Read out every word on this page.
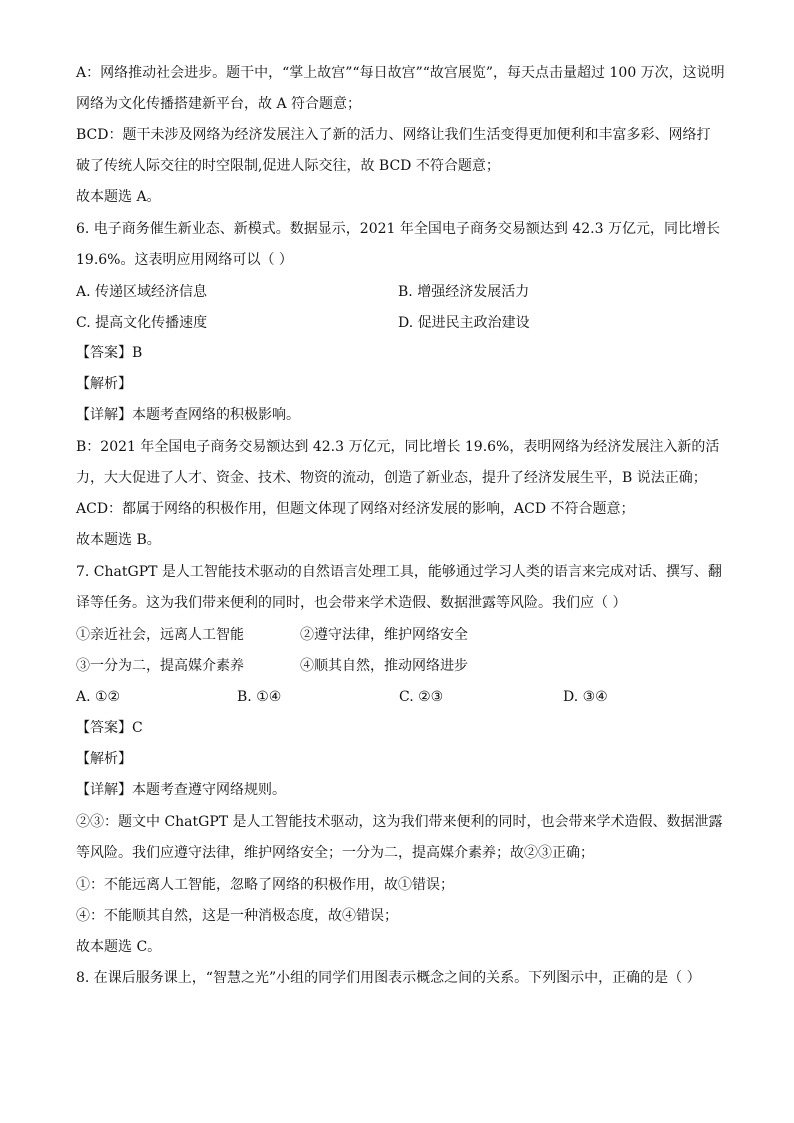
A：网络推动社会进步。题干中，“掌上故宫”“每日故宫”“故宫展览”，每天点击量超过 100 万次，这说明
网络为文化传播搭建新平台，故 A 符合题意；
BCD：题干未涉及网络为经济发展注入了新的活力、网络让我们生活变得更加便利和丰富多彩、网络打
破了传统人际交往的时空限制,促进人际交往，故 BCD 不符合题意；
故本题选 A。
6. 电子商务催生新业态、新模式。数据显示，2021 年全国电子商务交易额达到 42.3 万亿元，同比增长
19.6%。这表明应用网络可以（ ）
A. 传递区域经济信息	B. 增强经济发展活力
C. 提高文化传播速度	D. 促进民主政治建设
【答案】B
【解析】
【详解】本题考查网络的积极影响。
B：2021 年全国电子商务交易额达到 42.3 万亿元，同比增长 19.6%，表明网络为经济发展注入新的活
力，大大促进了人才、资金、技术、物资的流动，创造了新业态，提升了经济发展生平，B 说法正确；
ACD：都属于网络的积极作用，但题文体现了网络对经济发展的影响，ACD 不符合题意；
故本题选 B。
7. ChatGPT 是人工智能技术驱动的自然语言处理工具，能够通过学习人类的语言来完成对话、撰写、翻
译等任务。这为我们带来便利的同时，也会带来学术造假、数据泄露等风险。我们应（ ）
①亲近社会，远离人工智能	②遵守法律，维护网络安全
③一分为二，提高媒介素养	④顺其自然，推动网络进步
A. ①②	B. ①④	C. ②③	D. ③④
【答案】C
【解析】
【详解】本题考查遵守网络规则。
②③：题文中 ChatGPT 是人工智能技术驱动，这为我们带来便利的同时，也会带来学术造假、数据泄露
等风险。我们应遵守法律，维护网络安全；一分为二，提高媒介素养；故②③正确；
①：不能远离人工智能，忽略了网络的积极作用，故①错误；
④：不能顺其自然，这是一种消极态度，故④错误；
故本题选 C。
8. 在课后服务课上，“智慧之光”小组的同学们用图表示概念之间的关系。下列图示中，正确的是（ ）
